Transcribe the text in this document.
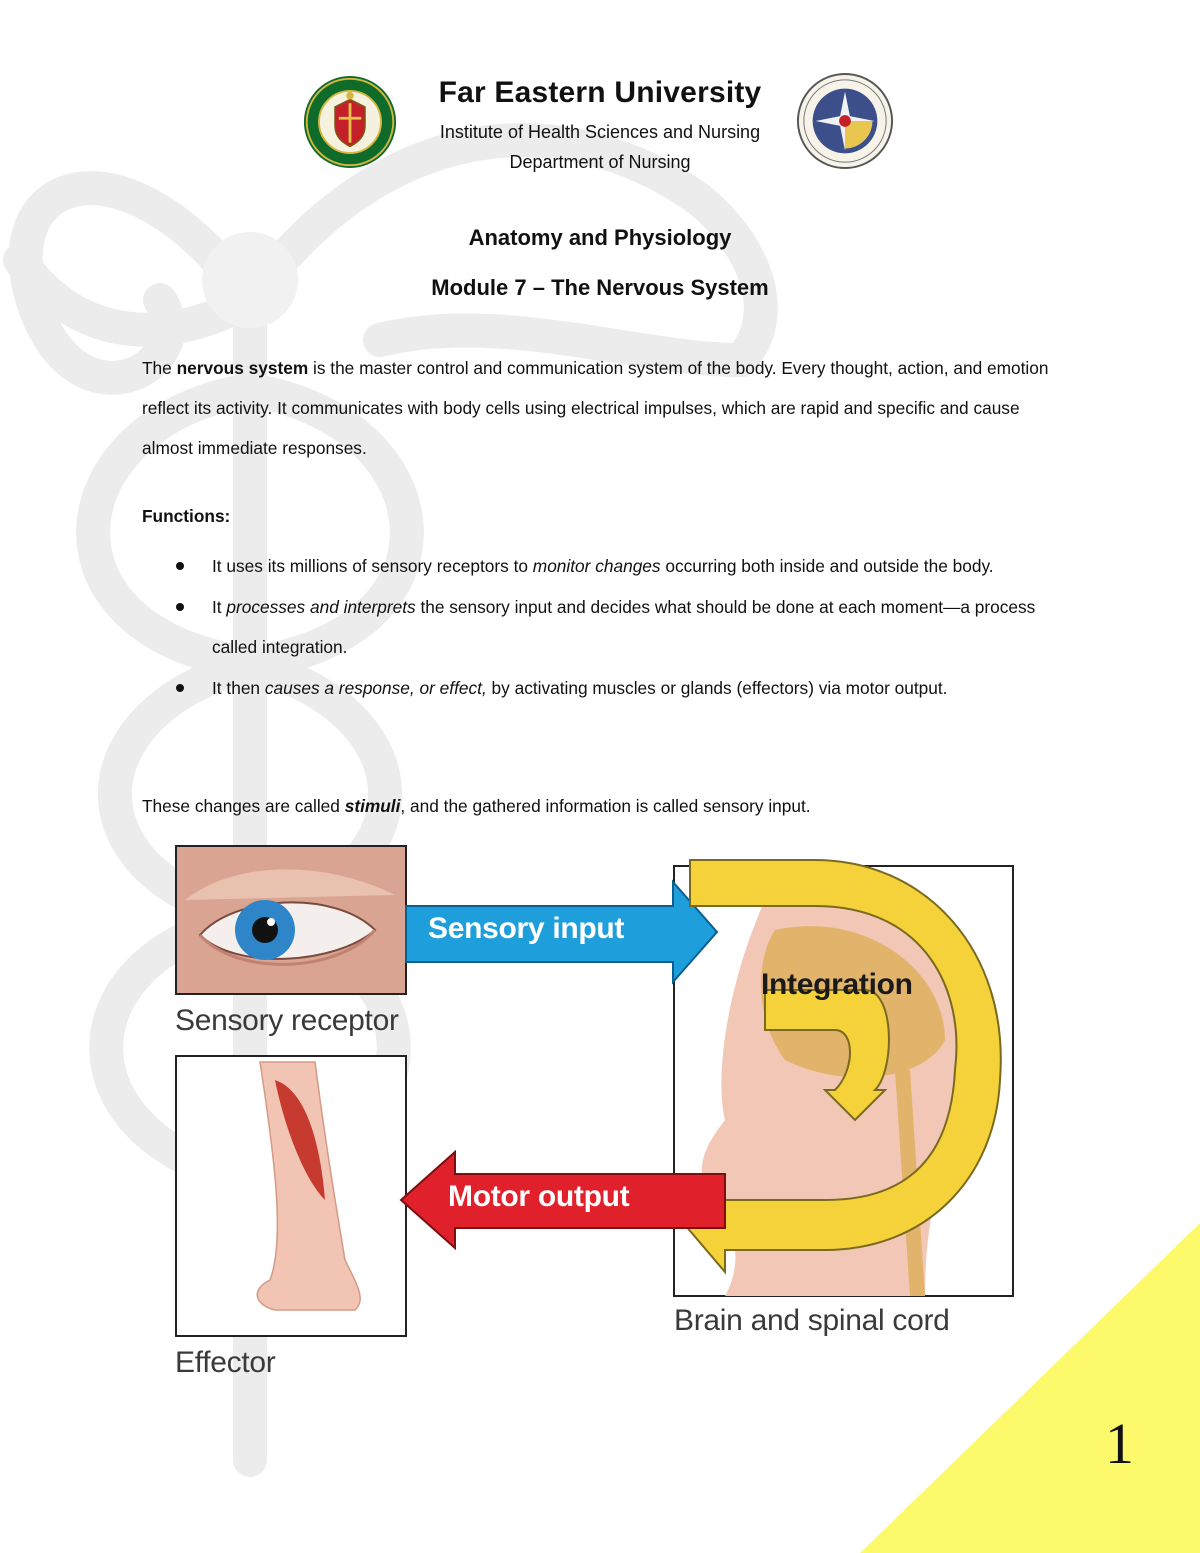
1
Far Eastern University
Institute of Health Sciences and Nursing
Department of Nursing
Anatomy and Physiology
Module 7 – The Nervous System

The nervous system is the master control and communication system of the body. Every thought, action, and emotion reflect its activity. It communicates with body cells using electrical impulses, which are rapid and specific and cause almost immediate responses.

Functions:

It uses its millions of sensory receptors to monitor changes occurring both inside and outside the body.
It processes and interprets the sensory input and decides what should be done at each moment—a process called integration.
It then causes a response, or effect, by activating muscles or glands (effectors) via motor output.

These changes are called stimuli, and the gathered information is called sensory input.

Sensory input
Integration
Motor output
Sensory receptor
Effector
Brain and spinal cord
